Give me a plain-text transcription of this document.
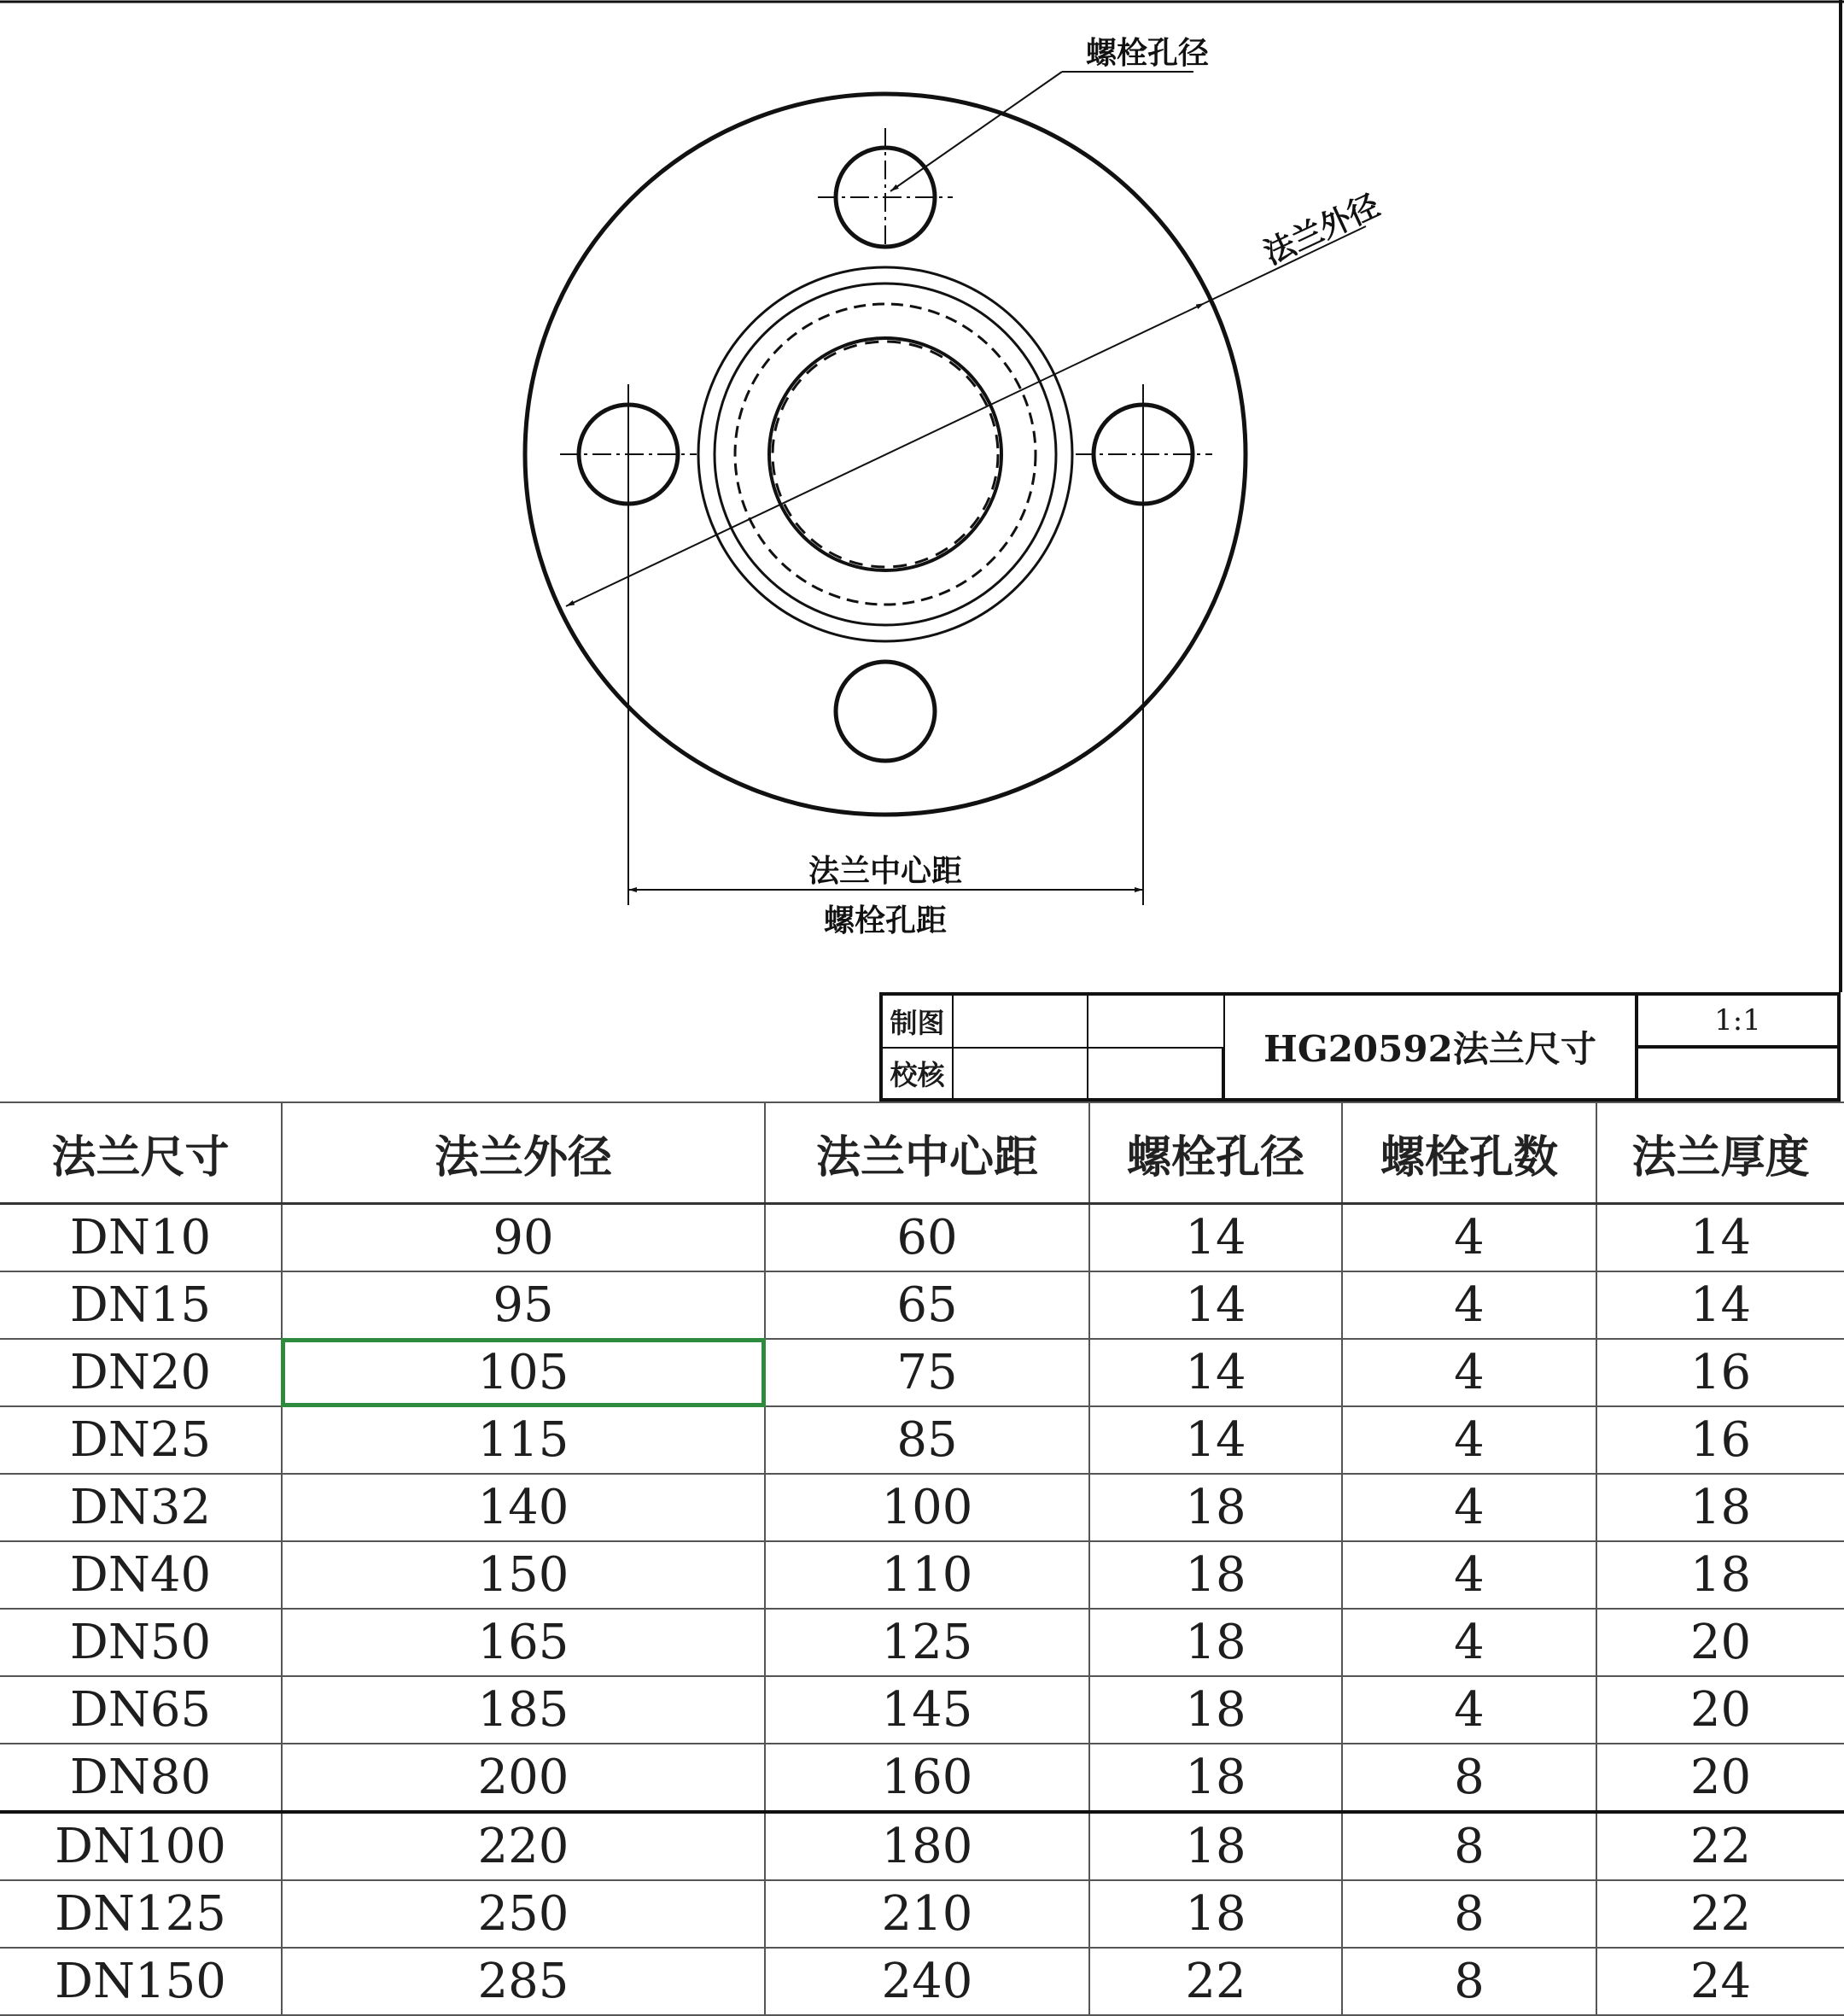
螺栓孔径
法兰外径
法兰中心距
螺栓孔距
制图
校核
HG20592法兰尺寸
1:1
法兰尺寸	法兰外径	法兰中心距	螺栓孔径	螺栓孔数	法兰厚度
DN10	90	60	14	4	14
DN15	95	65	14	4	14
DN20	105	75	14	4	16
DN25	115	85	14	4	16
DN32	140	100	18	4	18
DN40	150	110	18	4	18
DN50	165	125	18	4	20
DN65	185	145	18	4	20
DN80	200	160	18	8	20
DN100	220	180	18	8	22
DN125	250	210	18	8	22
DN150	285	240	22	8	24
